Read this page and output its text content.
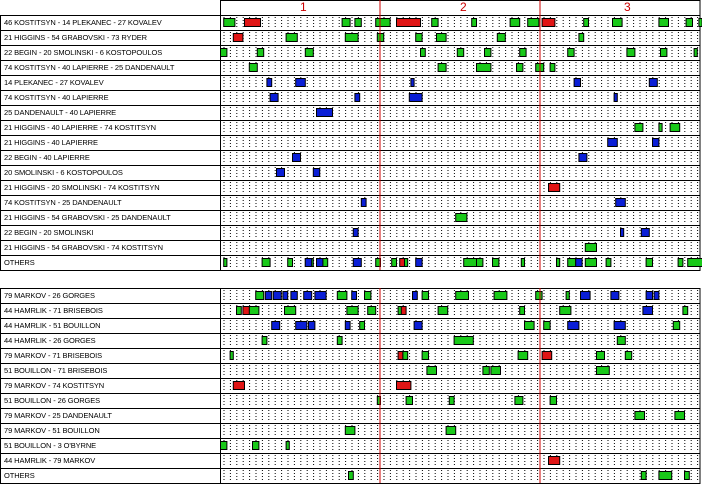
1	2	3
46 KOSTITSYN - 14 PLEKANEC - 27 KOVALEV
21 HIGGINS - 54 GRABOVSKI - 73 RYDER
22 BEGIN - 20 SMOLINSKI - 6 KOSTOPOULOS
74 KOSTITSYN - 40 LAPIERRE - 25 DANDENAULT
14 PLEKANEC - 27 KOVALEV
74 KOSTITSYN - 40 LAPIERRE
25 DANDENAULT - 40 LAPIERRE
21 HIGGINS - 40 LAPIERRE - 74 KOSTITSYN
21 HIGGINS - 40 LAPIERRE
22 BEGIN - 40 LAPIERRE
20 SMOLINSKI - 6 KOSTOPOULOS
21 HIGGINS - 20 SMOLINSKI - 74 KOSTITSYN
74 KOSTITSYN - 25 DANDENAULT
21 HIGGINS - 54 GRABOVSKI - 25 DANDENAULT
22 BEGIN - 20 SMOLINSKI
21 HIGGINS - 54 GRABOVSKI - 74 KOSTITSYN
OTHERS
79 MARKOV - 26 GORGES
44 HAMRLIK - 71 BRISEBOIS
44 HAMRLIK - 51 BOUILLON
44 HAMRLIK - 26 GORGES
79 MARKOV - 71 BRISEBOIS
51 BOUILLON - 71 BRISEBOIS
79 MARKOV - 74 KOSTITSYN
51 BOUILLON - 26 GORGES
79 MARKOV - 25 DANDENAULT
79 MARKOV - 51 BOUILLON
51 BOUILLON - 3 O'BYRNE
44 HAMRLIK - 79 MARKOV
OTHERS
